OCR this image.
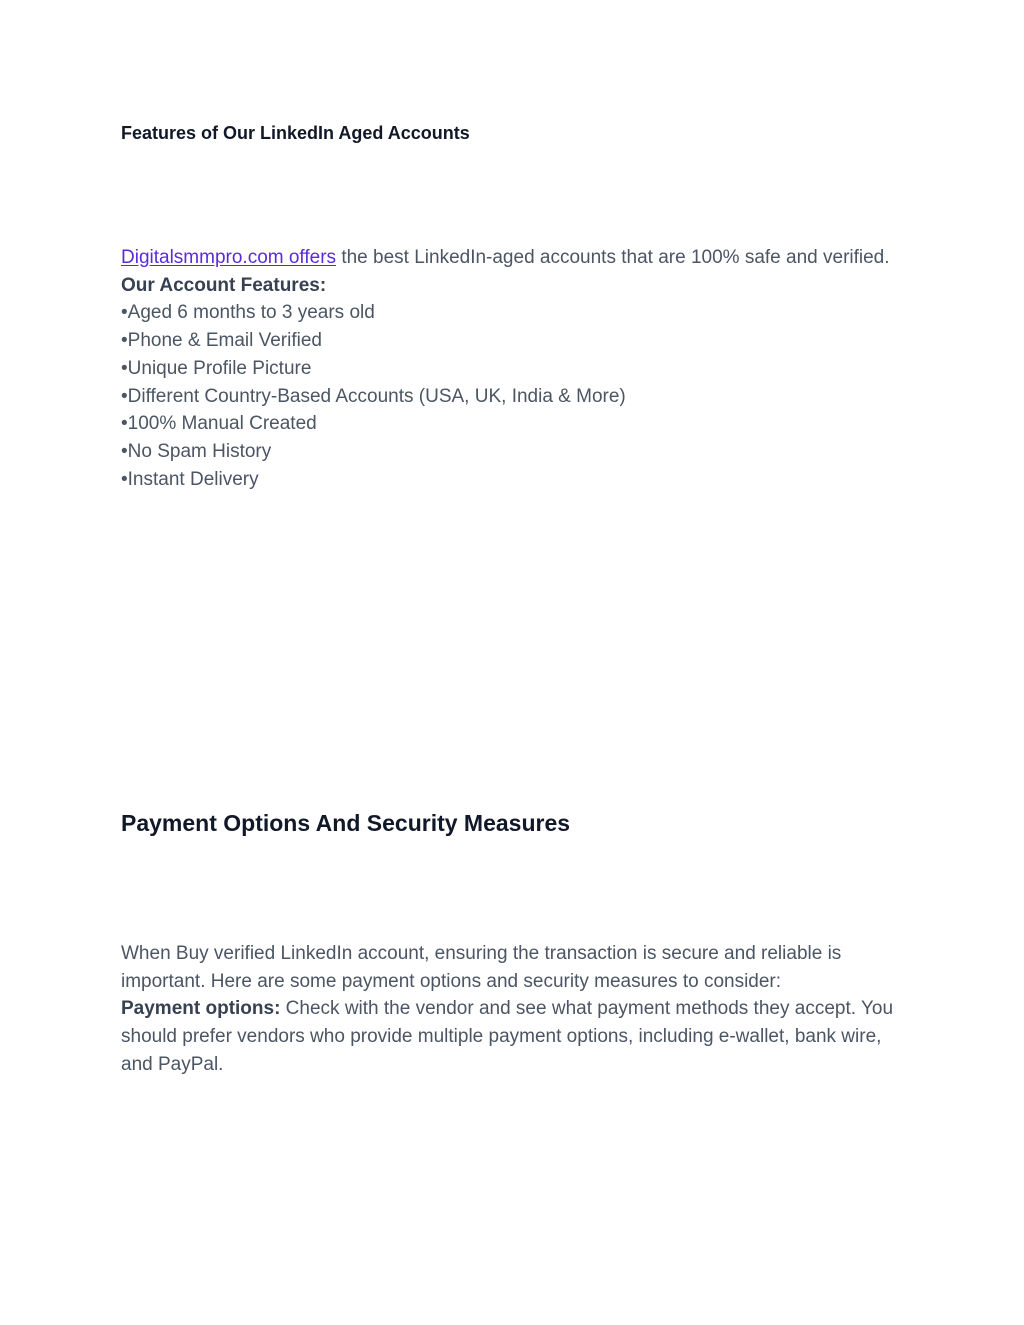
Features of Our LinkedIn Aged Accounts

Digitalsmmpro.com offers the best LinkedIn-aged accounts that are 100% safe and verified.

Our Account Features:

•Aged 6 months to 3 years old
•Phone & Email Verified
•Unique Profile Picture
•Different Country-Based Accounts (USA, UK, India & More)
•100% Manual Created
•No Spam History
•Instant Delivery
Payment Options And Security Measures

When Buy verified LinkedIn account, ensuring the transaction is secure and reliable is important. Here are some payment options and security measures to consider:

Payment options: Check with the vendor and see what payment methods they accept. You should prefer vendors who provide multiple payment options, including e-wallet, bank wire, and PayPal.
